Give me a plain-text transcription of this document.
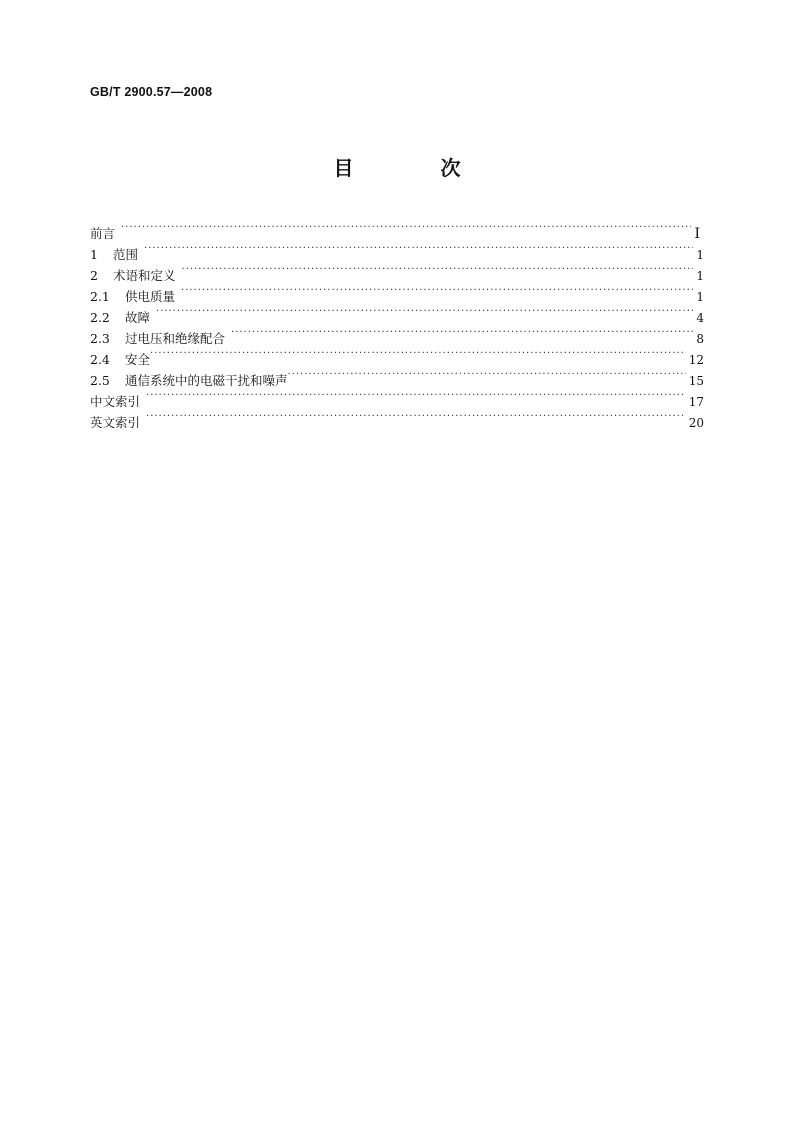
GB/T 2900.57—2008
目 次
前言 ·····	I
1	范围 ·····	1
2	术语和定义 ·····	1
2.1	供电质量 ·····	1
2.2	故障 ·····	4
2.3	过电压和绝缘配合 ·····	8
2.4	安全 ·····	12
2.5	通信系统中的电磁干扰和噪声 ·····	15
中文索引 ·····	17
英文索引 ·····	20
